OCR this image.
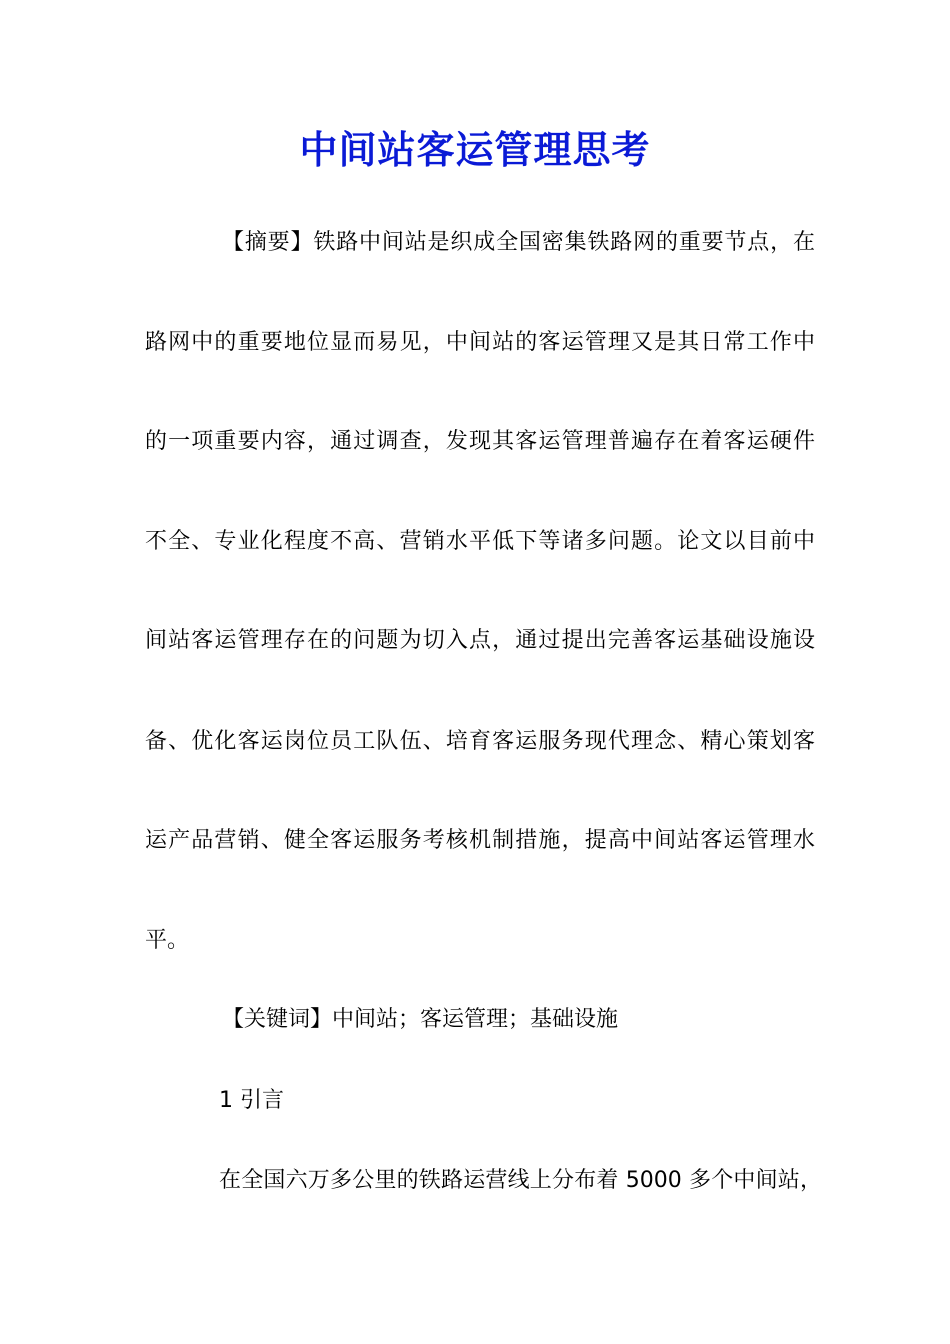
中间站客运管理思考
【摘要】铁路中间站是织成全国密集铁路网的重要节点，在
路网中的重要地位显而易见，中间站的客运管理又是其日常工作中
的一项重要内容，通过调查，发现其客运管理普遍存在着客运硬件
不全、专业化程度不高、营销水平低下等诸多问题。论文以目前中
间站客运管理存在的问题为切入点，通过提出完善客运基础设施设
备、优化客运岗位员工队伍、培育客运服务现代理念、精心策划客
运产品营销、健全客运服务考核机制措施，提高中间站客运管理水
平。
【关键词】中间站；客运管理；基础设施
1 引言
在全国六万多公里的铁路运营线上分布着 5000 多个中间站，
